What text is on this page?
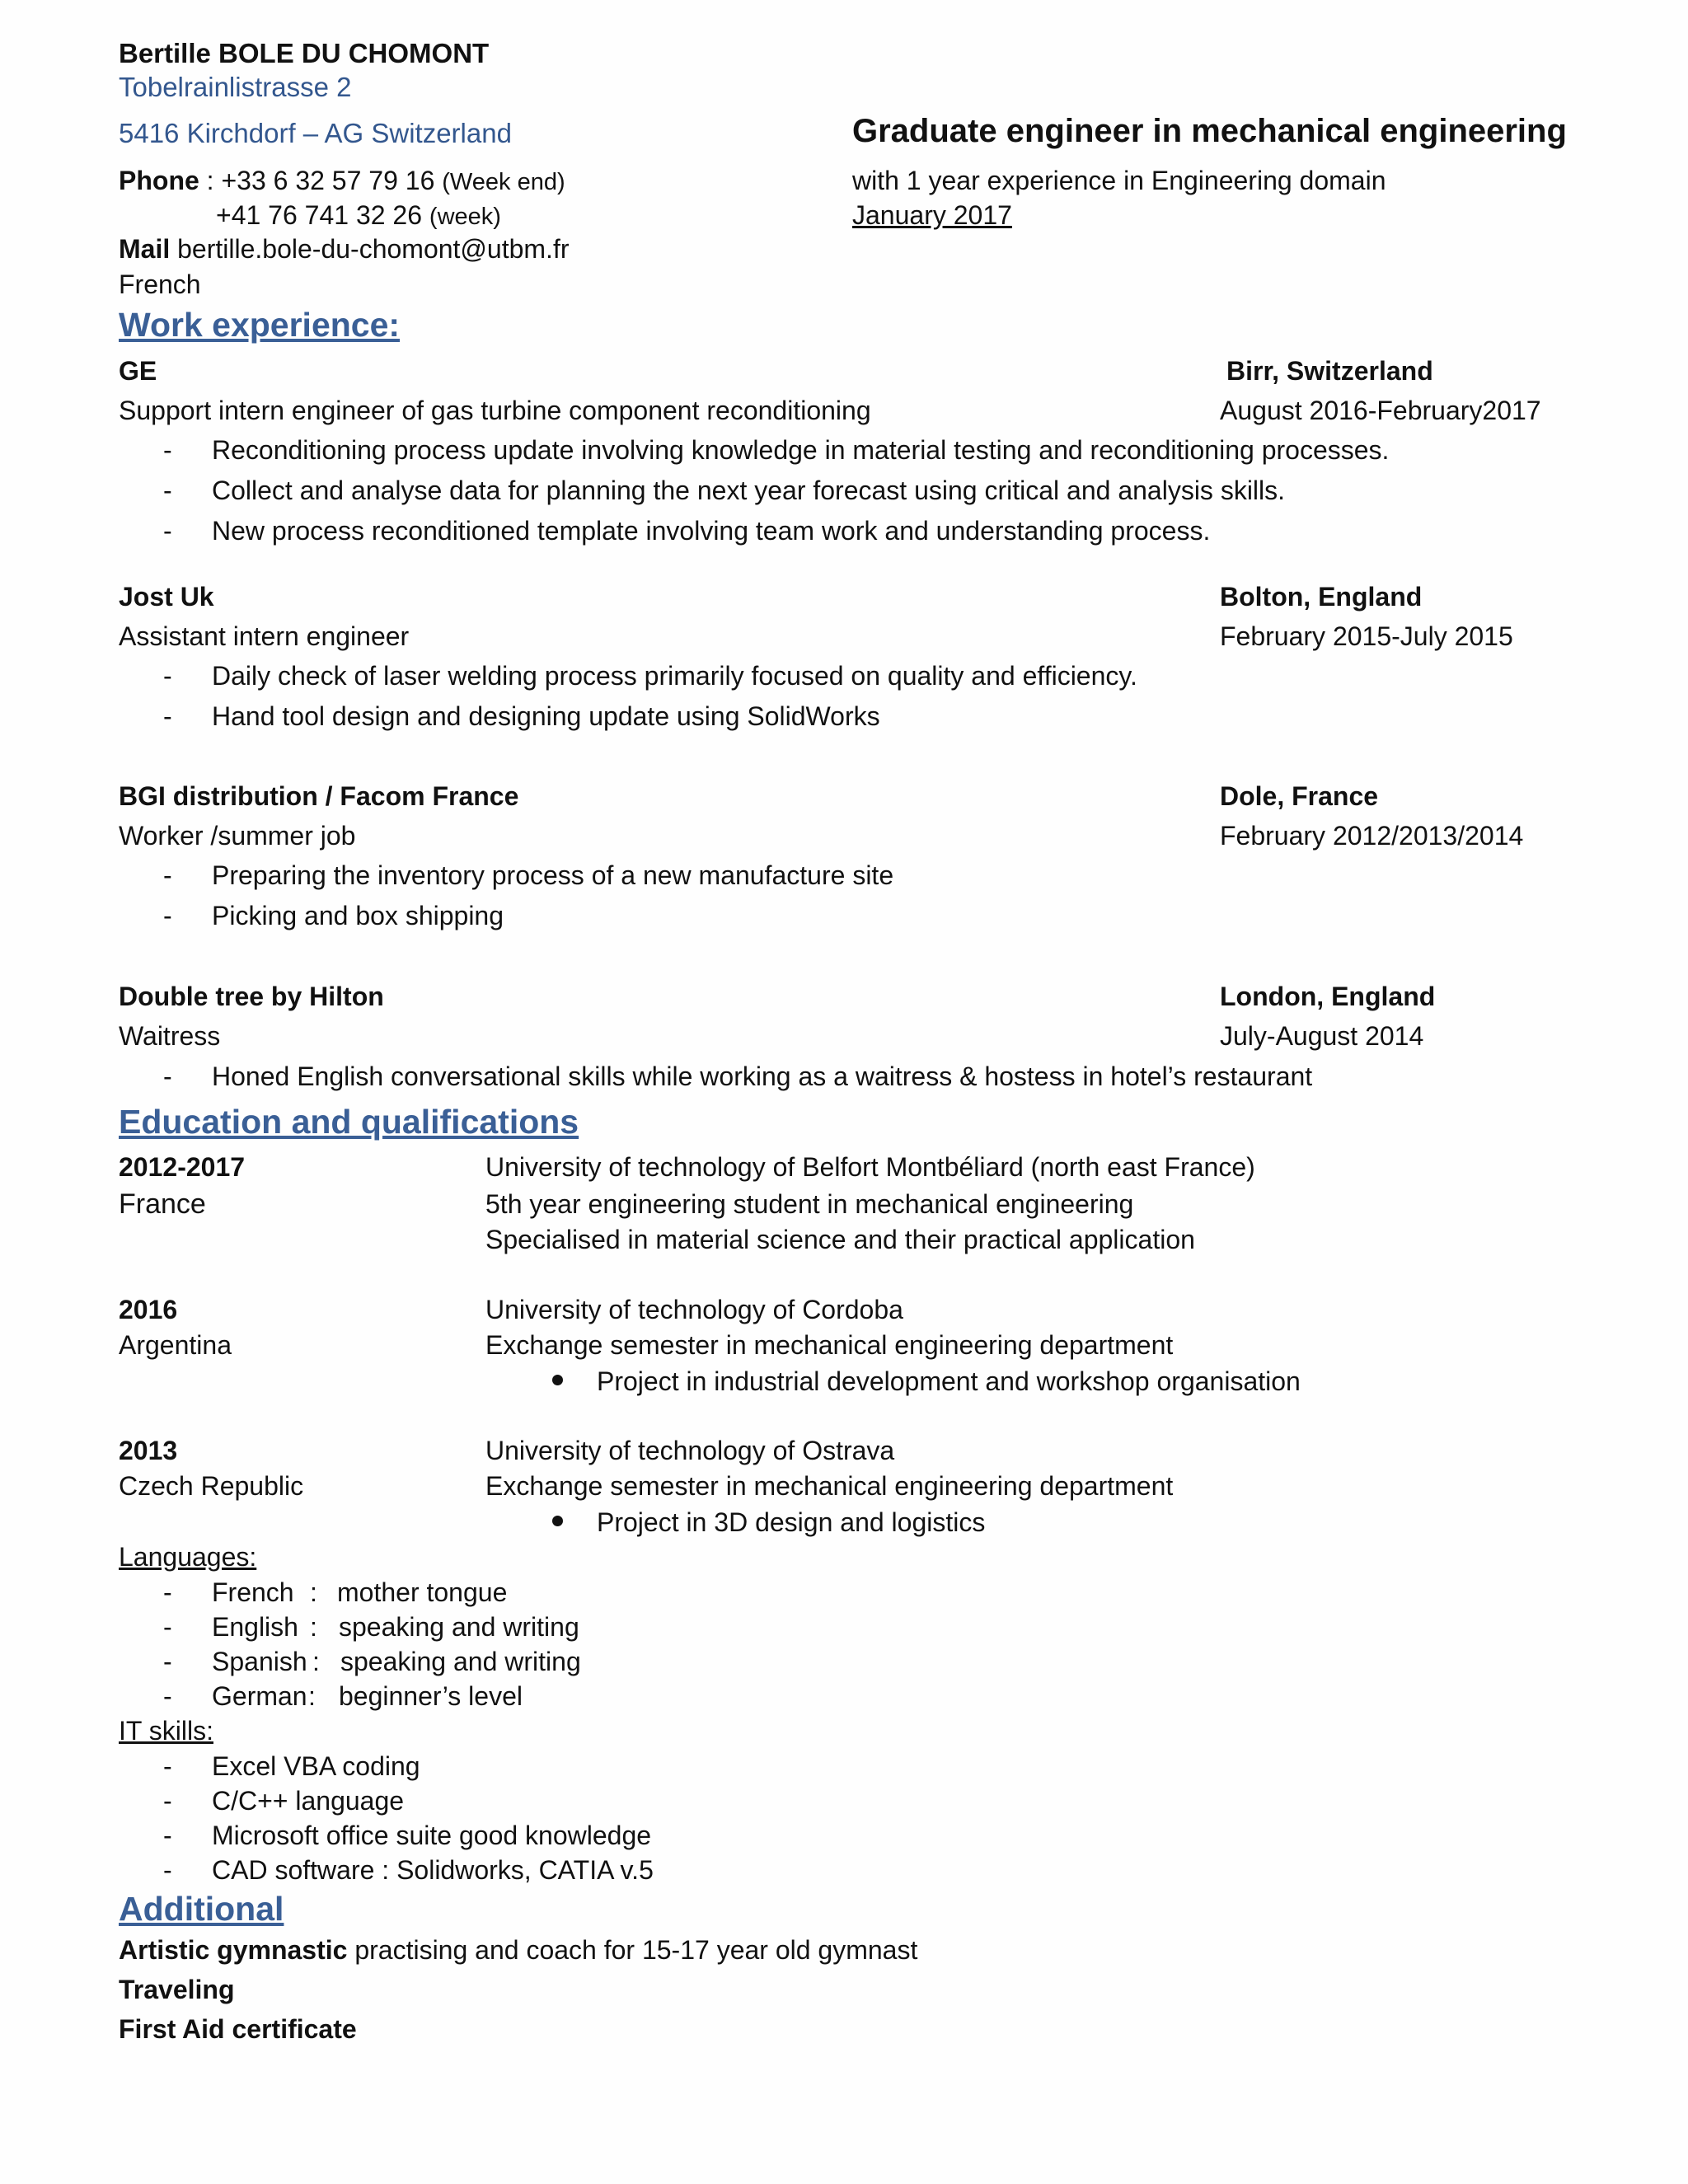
Bertille BOLE DU CHOMONT
Tobelrainlistrasse 2
5416 Kirchdorf – AG Switzerland
Phone : +33 6 32 57 79 16 (Week end)
+41 76 741 32 26 (week)
Mail bertille.bole-du-chomont@utbm.fr
French
Graduate engineer in mechanical engineering
with 1 year experience in Engineering domain
January 2017
Work experience:
GE	Birr, Switzerland
Support intern engineer of gas turbine component reconditioning	August 2016-February2017
- Reconditioning process update involving knowledge in material testing and reconditioning processes.
- Collect and analyse data for planning the next year forecast using critical and analysis skills.
- New process reconditioned template involving team work and understanding process.
Jost Uk	Bolton, England
Assistant intern engineer	February 2015-July 2015
- Daily check of laser welding process primarily focused on quality and efficiency.
- Hand tool design and designing update using SolidWorks
BGI distribution / Facom France	Dole, France
Worker /summer job	February 2012/2013/2014
- Preparing the inventory process of a new manufacture site
- Picking and box shipping
Double tree by Hilton	London, England
Waitress	July-August 2014
- Honed English conversational skills while working as a waitress & hostess in hotel’s restaurant
Education and qualifications
2012-2017	University of technology of Belfort Montbéliard (north east France)
France	5th year engineering student in mechanical engineering
Specialised in material science and their practical application
2016	University of technology of Cordoba
Argentina	Exchange semester in mechanical engineering department
Project in industrial development and workshop organisation
2013	University of technology of Ostrava
Czech Republic	Exchange semester in mechanical engineering department
Project in 3D design and logistics
Languages:
- French : mother tongue
- English : speaking and writing
- Spanish : speaking and writing
- German : beginner’s level
IT skills:
- Excel VBA coding
- C/C++ language
- Microsoft office suite good knowledge
- CAD software : Solidworks, CATIA v.5
Additional
Artistic gymnastic practising and coach for 15-17 year old gymnast
Traveling
First Aid certificate
